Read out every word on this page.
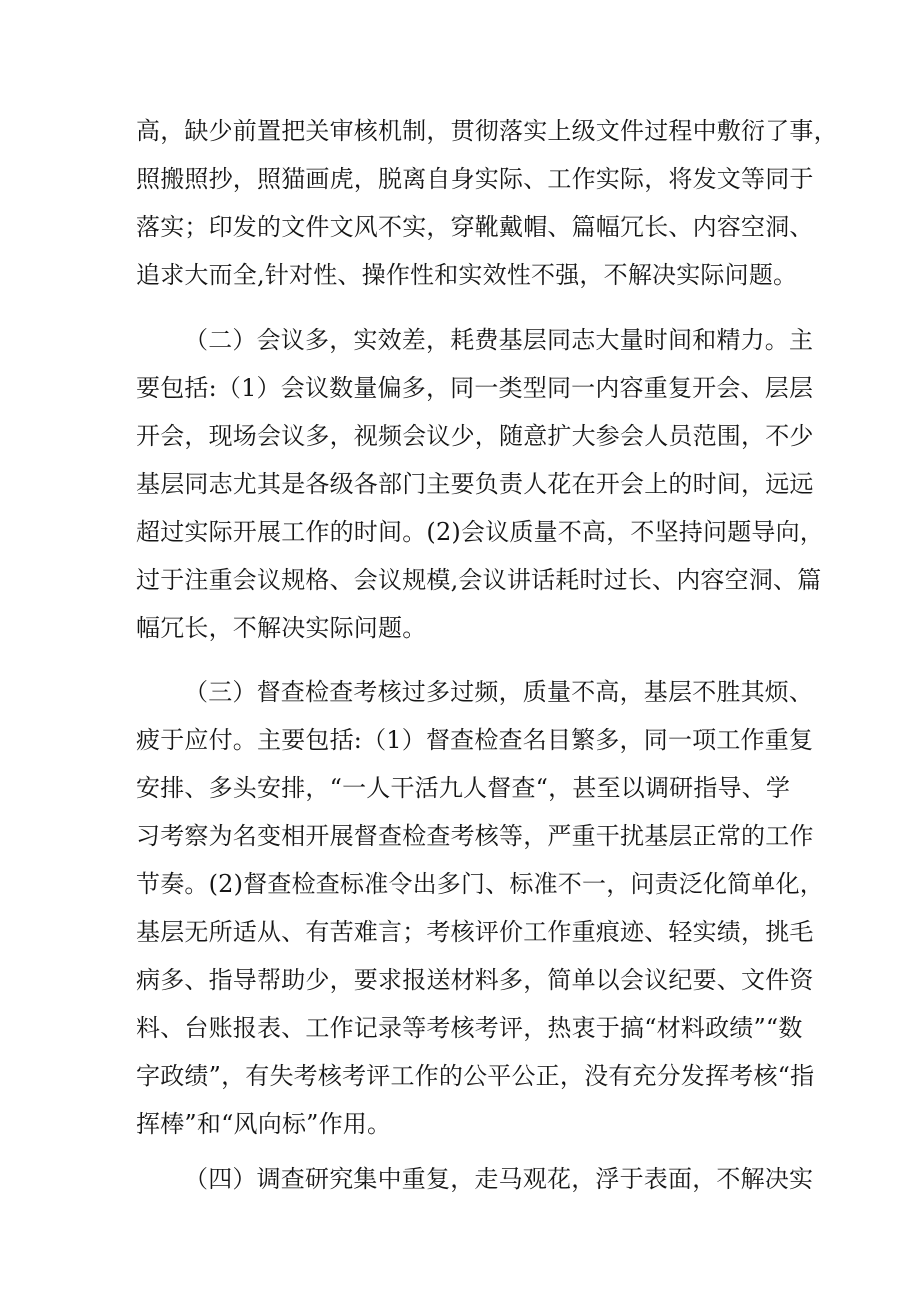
高，缺少前置把关审核机制，贯彻落实上级文件过程中敷衍了事，

照搬照抄，照猫画虎，脱离自身实际、工作实际，将发文等同于

落实；印发的文件文风不实，穿靴戴帽、篇幅冗长、内容空洞、

追求大而全,针对性、操作性和实效性不强，不解决实际问题。

（二）会议多，实效差，耗费基层同志大量时间和精力。主

要包括:（1）会议数量偏多，同一类型同一内容重复开会、层层

开会，现场会议多，视频会议少，随意扩大参会人员范围，不少

基层同志尤其是各级各部门主要负责人花在开会上的时间，远远

超过实际开展工作的时间。(2)会议质量不高，不坚持问题导向，

过于注重会议规格、会议规模,会议讲话耗时过长、内容空洞、篇

幅冗长，不解决实际问题。

（三）督查检查考核过多过频，质量不高，基层不胜其烦、

疲于应付。主要包括:（1）督查检查名目繁多，同一项工作重复

安排、多头安排，“一人干活九人督查“，甚至以调研指导、学

习考察为名变相开展督查检查考核等，严重干扰基层正常的工作

节奏。(2)督查检查标准令出多门、标准不一，问责泛化简单化，

基层无所适从、有苦难言；考核评价工作重痕迹、轻实绩，挑毛

病多、指导帮助少，要求报送材料多，简单以会议纪要、文件资

料、台账报表、工作记录等考核考评，热衷于搞“材料政绩”“数

字政绩”，有失考核考评工作的公平公正，没有充分发挥考核“指

挥棒”和“风向标”作用。

（四）调查研究集中重复，走马观花，浮于表面，不解决实
